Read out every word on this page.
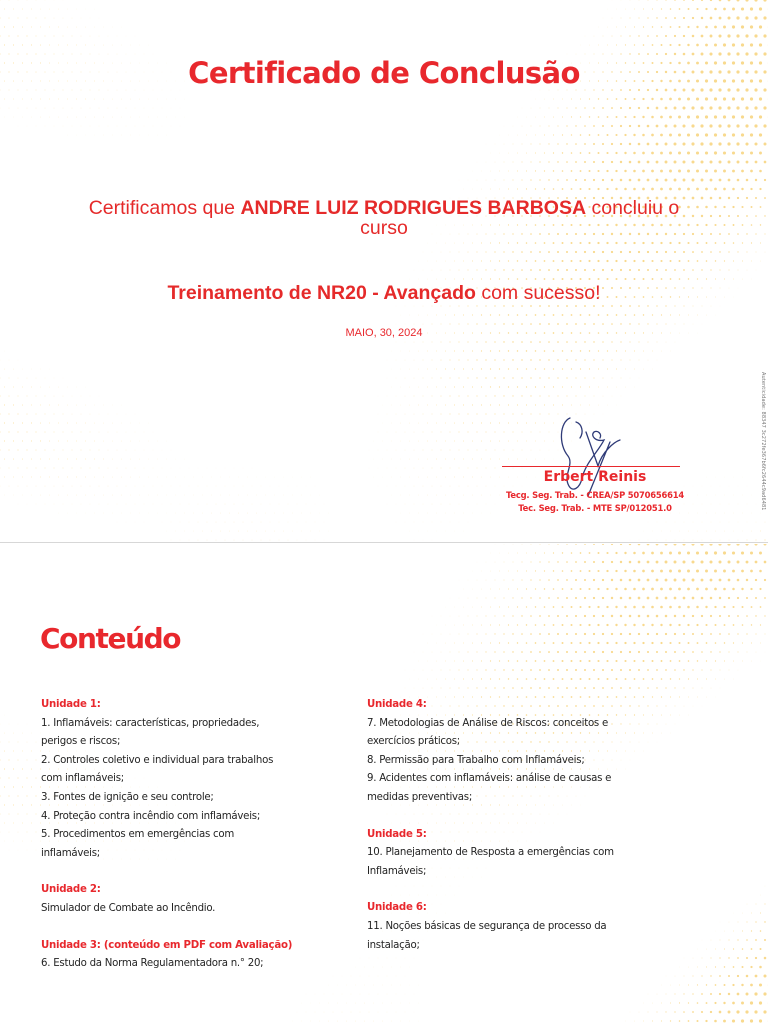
Certificado de Conclusão
Certificamos que ANDRE LUIZ RODRIGUES BARBOSA concluiu o
curso
Treinamento de NR20 - Avançado com sucesso!
MAIO, 30, 2024
Erbert Reinis
Tecg. Seg. Trab. - CREA/SP 5070656614
Tec. Seg. Trab. - MTE SP/012051.0	Autenticidade: 88347 3c272fe367b6fc2644c9ad6481
Conteúdo
Unidade 1:
1. Inflamáveis: características, propriedades,
perigos e riscos;
2. Controles coletivo e individual para trabalhos
com inflamáveis;
3. Fontes de ignição e seu controle;
4. Proteção contra incêndio com inflamáveis;
5. Procedimentos em emergências com
inflamáveis;
Unidade 2:
Simulador de Combate ao Incêndio.
Unidade 3: (conteúdo em PDF com Avaliação)
6. Estudo da Norma Regulamentadora n.° 20;
Unidade 4:
7. Metodologias de Análise de Riscos: conceitos e
exercícios práticos;
8. Permissão para Trabalho com Inflamáveis;
9. Acidentes com inflamáveis: análise de causas e
medidas preventivas;
Unidade 5:
10. Planejamento de Resposta a emergências com
Inflamáveis;
Unidade 6:
11. Noções básicas de segurança de processo da
instalação;
